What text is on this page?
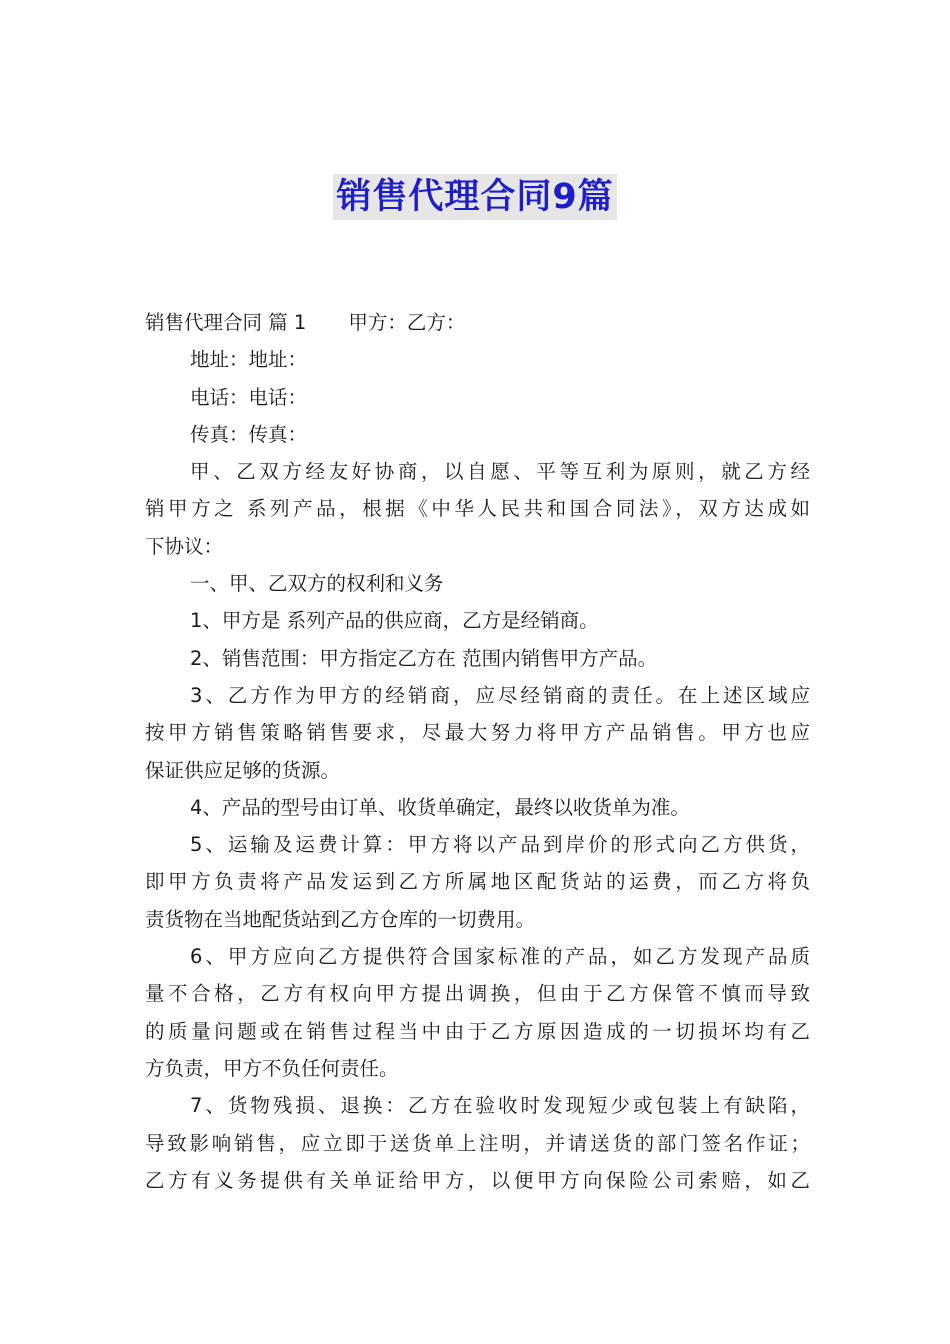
销售代理合同9篇
销售代理合同 篇 1 甲方：乙方：
地址：地址：
电话：电话：
传真：传真：
甲、乙双方经友好协商，以自愿、平等互利为原则，就乙方经
销甲方之 系列产品，根据《中华人民共和国合同法》，双方达成如
下协议：
一、甲、乙双方的权利和义务
1、甲方是 系列产品的供应商，乙方是经销商。
2、销售范围：甲方指定乙方在 范围内销售甲方产品。
3、乙方作为甲方的经销商，应尽经销商的责任。在上述区域应
按甲方销售策略销售要求，尽最大努力将甲方产品销售。甲方也应
保证供应足够的货源。
4、产品的型号由订单、收货单确定，最终以收货单为准。
5、运输及运费计算：甲方将以产品到岸价的形式向乙方供货，
即甲方负责将产品发运到乙方所属地区配货站的运费，而乙方将负
责货物在当地配货站到乙方仓库的一切费用。
6、甲方应向乙方提供符合国家标准的产品，如乙方发现产品质
量不合格，乙方有权向甲方提出调换，但由于乙方保管不慎而导致
的质量问题或在销售过程当中由于乙方原因造成的一切损坏均有乙
方负责，甲方不负任何责任。
7、货物残损、退换：乙方在验收时发现短少或包装上有缺陷，
导致影响销售，应立即于送货单上注明，并请送货的部门签名作证；
乙方有义务提供有关单证给甲方，以便甲方向保险公司索赔，如乙
